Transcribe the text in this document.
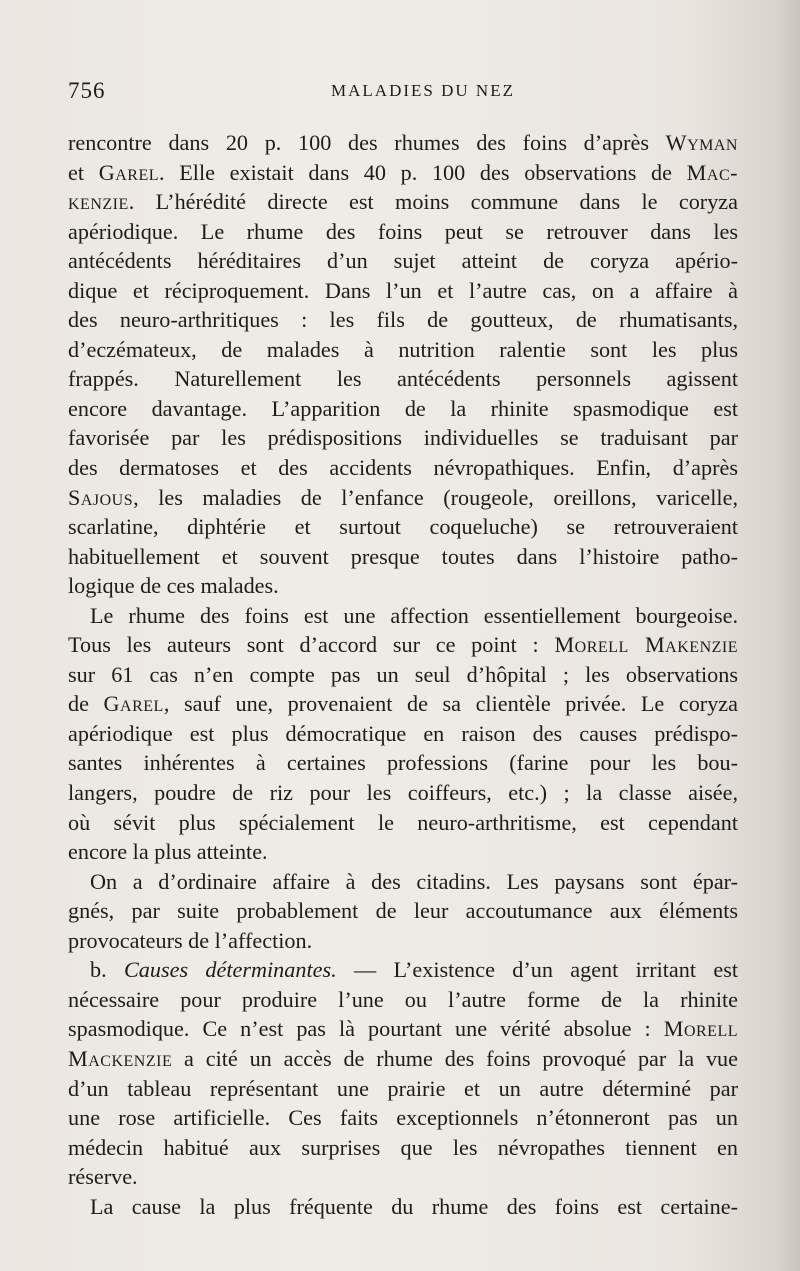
756	MALADIES DU NEZ
rencontre dans 20 p. 100 des rhumes des foins d’après Wyman
et Garel. Elle existait dans 40 p. 100 des observations de Mac-
kenzie. L’hérédité directe est moins commune dans le coryza
apériodique. Le rhume des foins peut se retrouver dans les
antécédents héréditaires d’un sujet atteint de coryza apério-
dique et réciproquement. Dans l’un et l’autre cas, on a affaire à
des neuro-arthritiques : les fils de goutteux, de rhumatisants,
d’eczémateux, de malades à nutrition ralentie sont les plus
frappés. Naturellement les antécédents personnels agissent
encore davantage. L’apparition de la rhinite spasmodique est
favorisée par les prédispositions individuelles se traduisant par
des dermatoses et des accidents névropathiques. Enfin, d’après
Sajous, les maladies de l’enfance (rougeole, oreillons, varicelle,
scarlatine, diphtérie et surtout coqueluche) se retrouveraient
habituellement et souvent presque toutes dans l’histoire patho-
logique de ces malades.
Le rhume des foins est une affection essentiellement bourgeoise.
Tous les auteurs sont d’accord sur ce point : Morell Makenzie
sur 61 cas n’en compte pas un seul d’hôpital ; les observations
de Garel, sauf une, provenaient de sa clientèle privée. Le coryza
apériodique est plus démocratique en raison des causes prédispo-
santes inhérentes à certaines professions (farine pour les bou-
langers, poudre de riz pour les coiffeurs, etc.) ; la classe aisée,
où sévit plus spécialement le neuro-arthritisme, est cependant
encore la plus atteinte.
On a d’ordinaire affaire à des citadins. Les paysans sont épar-
gnés, par suite probablement de leur accoutumance aux éléments
provocateurs de l’affection.
b. Causes déterminantes. — L’existence d’un agent irritant est
nécessaire pour produire l’une ou l’autre forme de la rhinite
spasmodique. Ce n’est pas là pourtant une vérité absolue : Morell
Mackenzie a cité un accès de rhume des foins provoqué par la vue
d’un tableau représentant une prairie et un autre déterminé par
une rose artificielle. Ces faits exceptionnels n’étonneront pas un
médecin habitué aux surprises que les névropathes tiennent en
réserve.
La cause la plus fréquente du rhume des foins est certaine-
